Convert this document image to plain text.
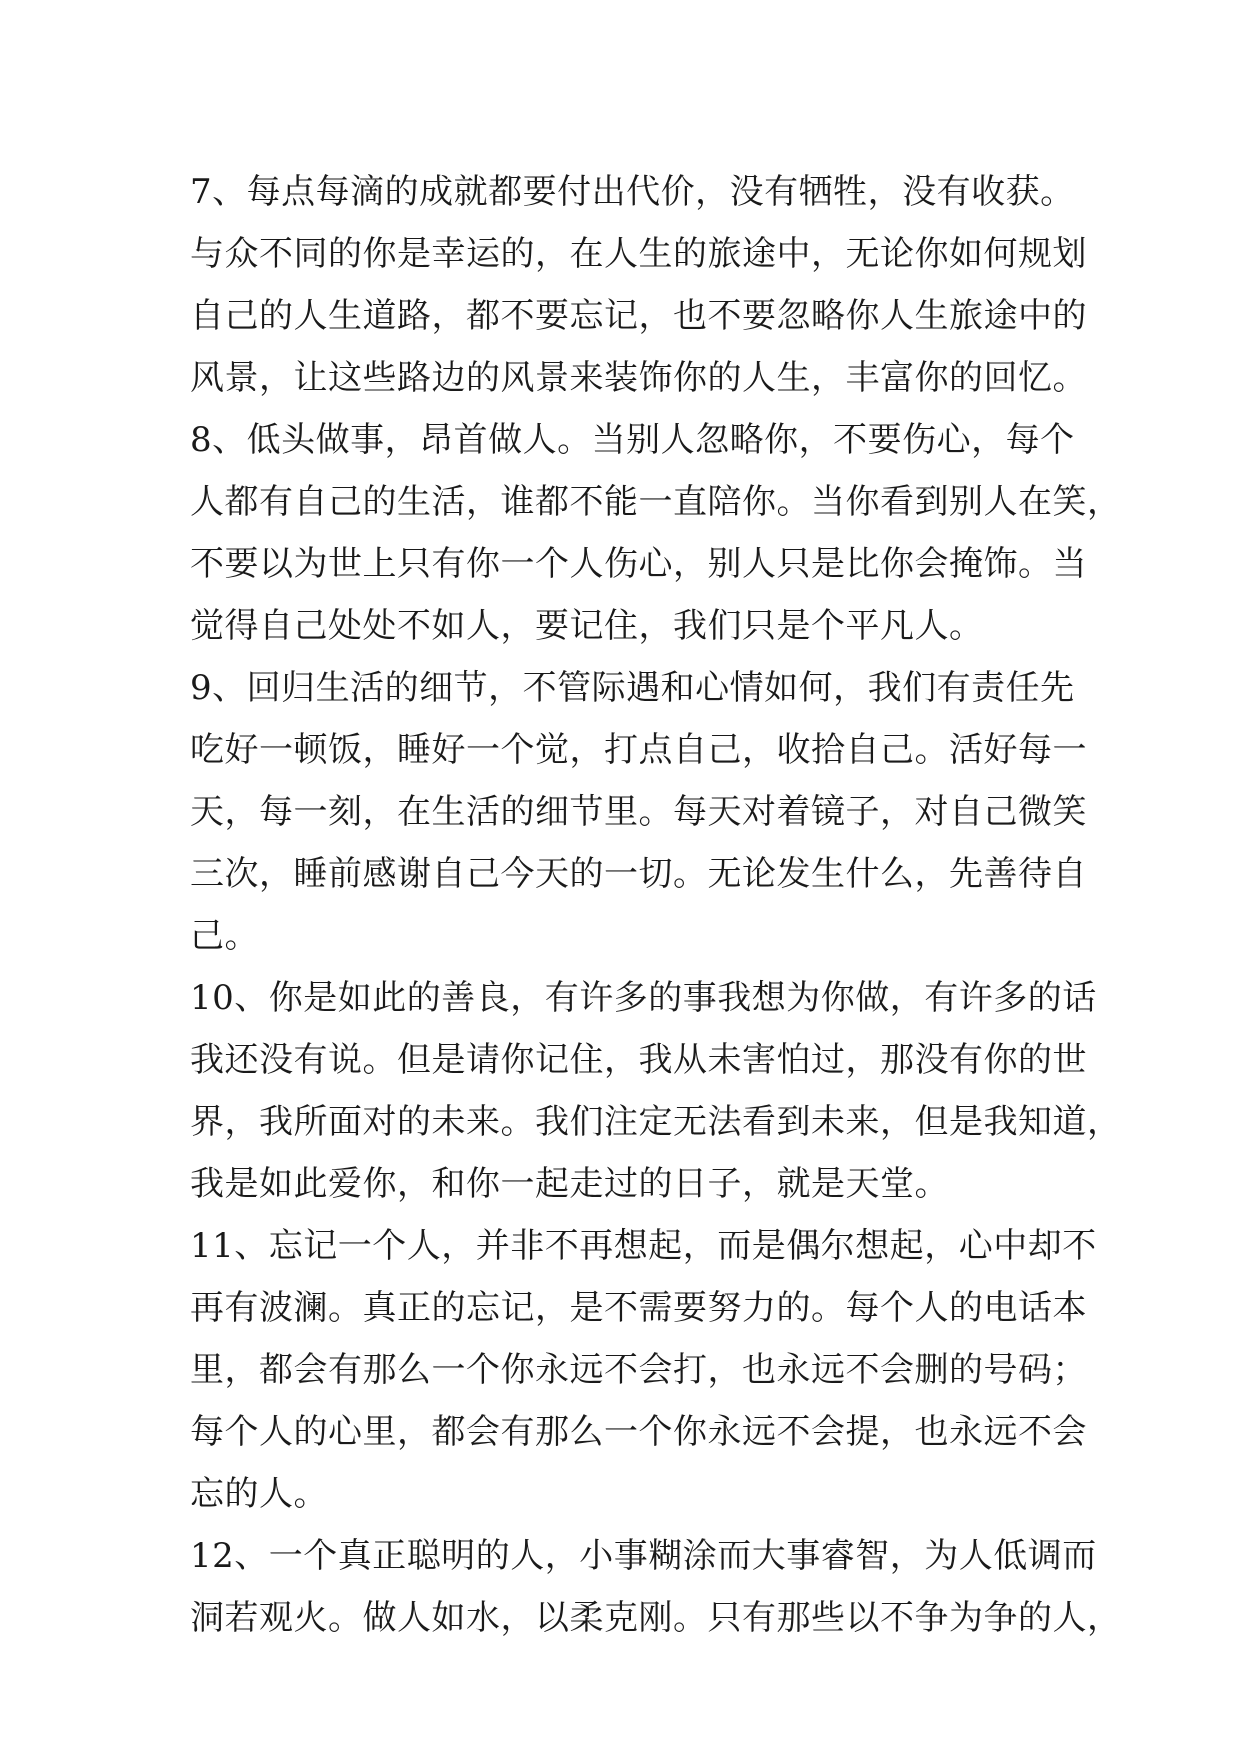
7、每点每滴的成就都要付出代价，没有牺牲，没有收获。
与众不同的你是幸运的，在人生的旅途中，无论你如何规划
自己的人生道路，都不要忘记，也不要忽略你人生旅途中的
风景，让这些路边的风景来装饰你的人生，丰富你的回忆。
8、低头做事，昂首做人。当别人忽略你，不要伤心，每个
人都有自己的生活，谁都不能一直陪你。当你看到别人在笑，
不要以为世上只有你一个人伤心，别人只是比你会掩饰。当
觉得自己处处不如人，要记住，我们只是个平凡人。
9、回归生活的细节，不管际遇和心情如何，我们有责任先
吃好一顿饭，睡好一个觉，打点自己，收拾自己。活好每一
天，每一刻，在生活的细节里。每天对着镜子，对自己微笑
三次，睡前感谢自己今天的一切。无论发生什么，先善待自
己。
10、你是如此的善良，有许多的事我想为你做，有许多的话
我还没有说。但是请你记住，我从未害怕过，那没有你的世
界，我所面对的未来。我们注定无法看到未来，但是我知道，
我是如此爱你，和你一起走过的日子，就是天堂。
11、忘记一个人，并非不再想起，而是偶尔想起，心中却不
再有波澜。真正的忘记，是不需要努力的。每个人的电话本
里，都会有那么一个你永远不会打，也永远不会删的号码；
每个人的心里，都会有那么一个你永远不会提，也永远不会
忘的人。
12、一个真正聪明的人，小事糊涂而大事睿智，为人低调而
洞若观火。做人如水，以柔克刚。只有那些以不争为争的人，
